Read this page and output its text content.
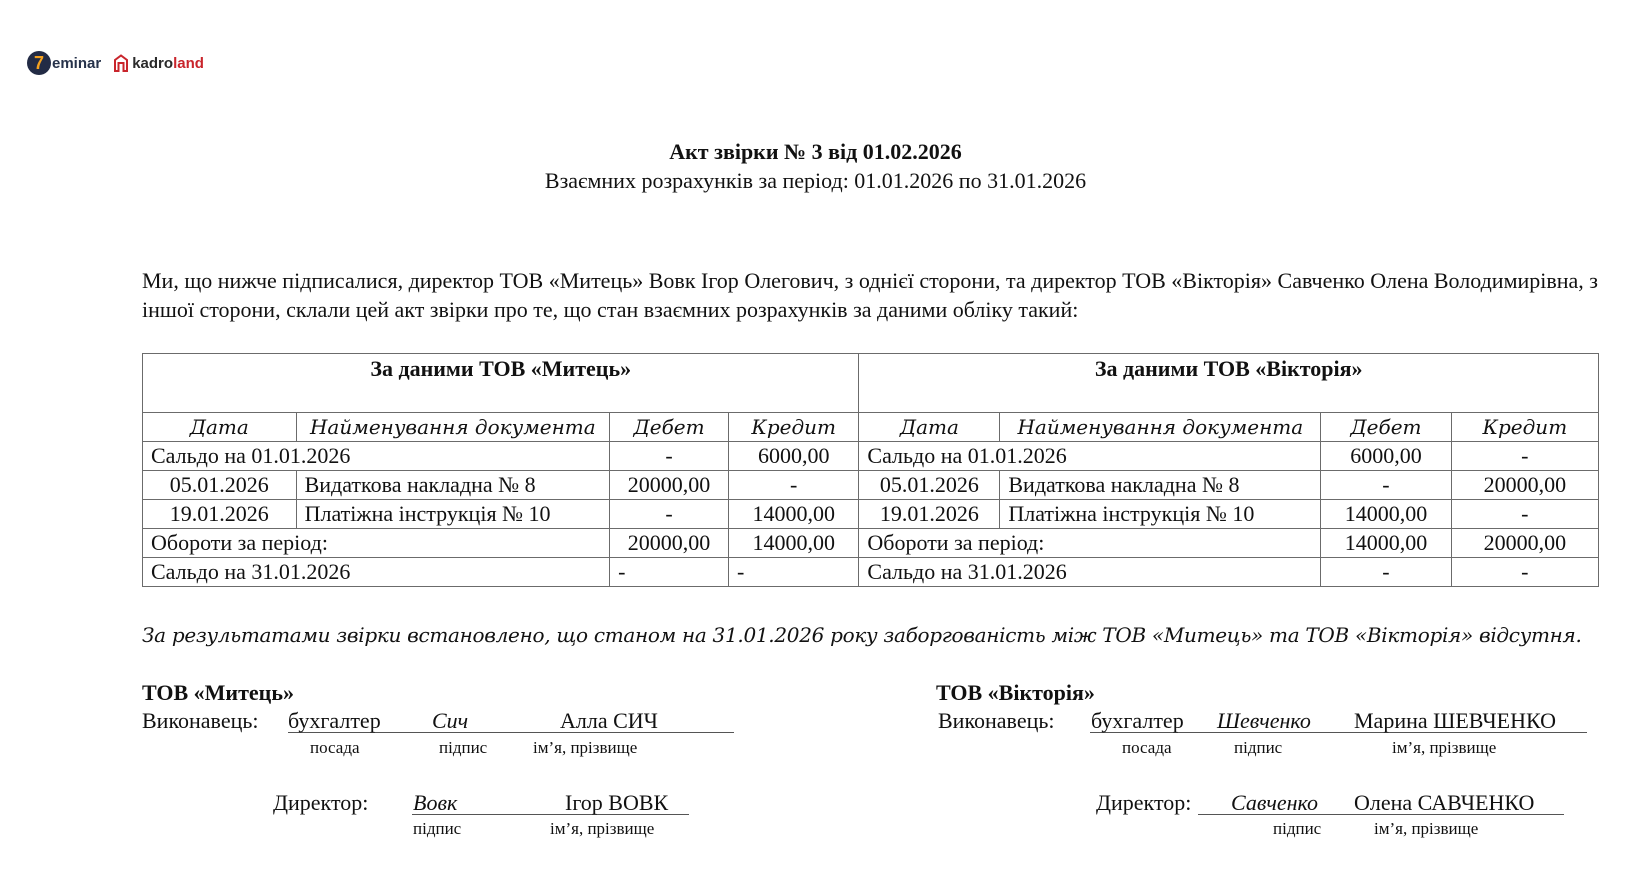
7 eminar kadro land
Акт звірки № 3 від 01.02.2026
Взаємних розрахунків за період: 01.01.2026 по 31.01.2026
Ми, що нижче підписалися, директор ТОВ «Митець» Вовк Ігор Олегович, з однієї сторони, та директор ТОВ «Вікторія» Савченко Олена Володимирівна, з іншої сторони, склали цей акт звірки про те, що стан взаємних розрахунків за даними обліку такий:
За даними ТОВ «Митець»				За даними ТОВ «Вікторія»			
Дата	Найменування документа	Дебет	Кредит	Дата	Найменування документа	Дебет	Кредит
Сальдо на 01.01.2026		-	6000,00	Сальдо на 01.01.2026		6000,00	-
05.01.2026	Видаткова накладна № 8	20000,00	-	05.01.2026	Видаткова накладна № 8	-	20000,00
19.01.2026	Платіжна інструкція № 10	-	14000,00	19.01.2026	Платіжна інструкція № 10	14000,00	-
Обороти за період:		20000,00	14000,00	Обороти за період:		14000,00	20000,00
Сальдо на 31.01.2026		-	-	Сальдо на 31.01.2026		-	-
За результатами звірки встановлено, що станом на 31.01.2026 року заборгованість між ТОВ «Митець» та ТОВ «Вікторія» відсутня.
ТОВ «Митець»
Виконавець: бухгалтер Сич	Алла СИЧ
посада	підпис	ім’я, прізвище
Директор: Вовк	Ігор ВОВК
підпис	ім’я, прізвище
ТОВ «Вікторія»
Виконавець: бухгалтер Шевченко Марина ШЕВЧЕНКО
посада	підпис	ім’я, прізвище
Директор: Савченко Олена САВЧЕНКО
підпис	ім’я, прізвище
